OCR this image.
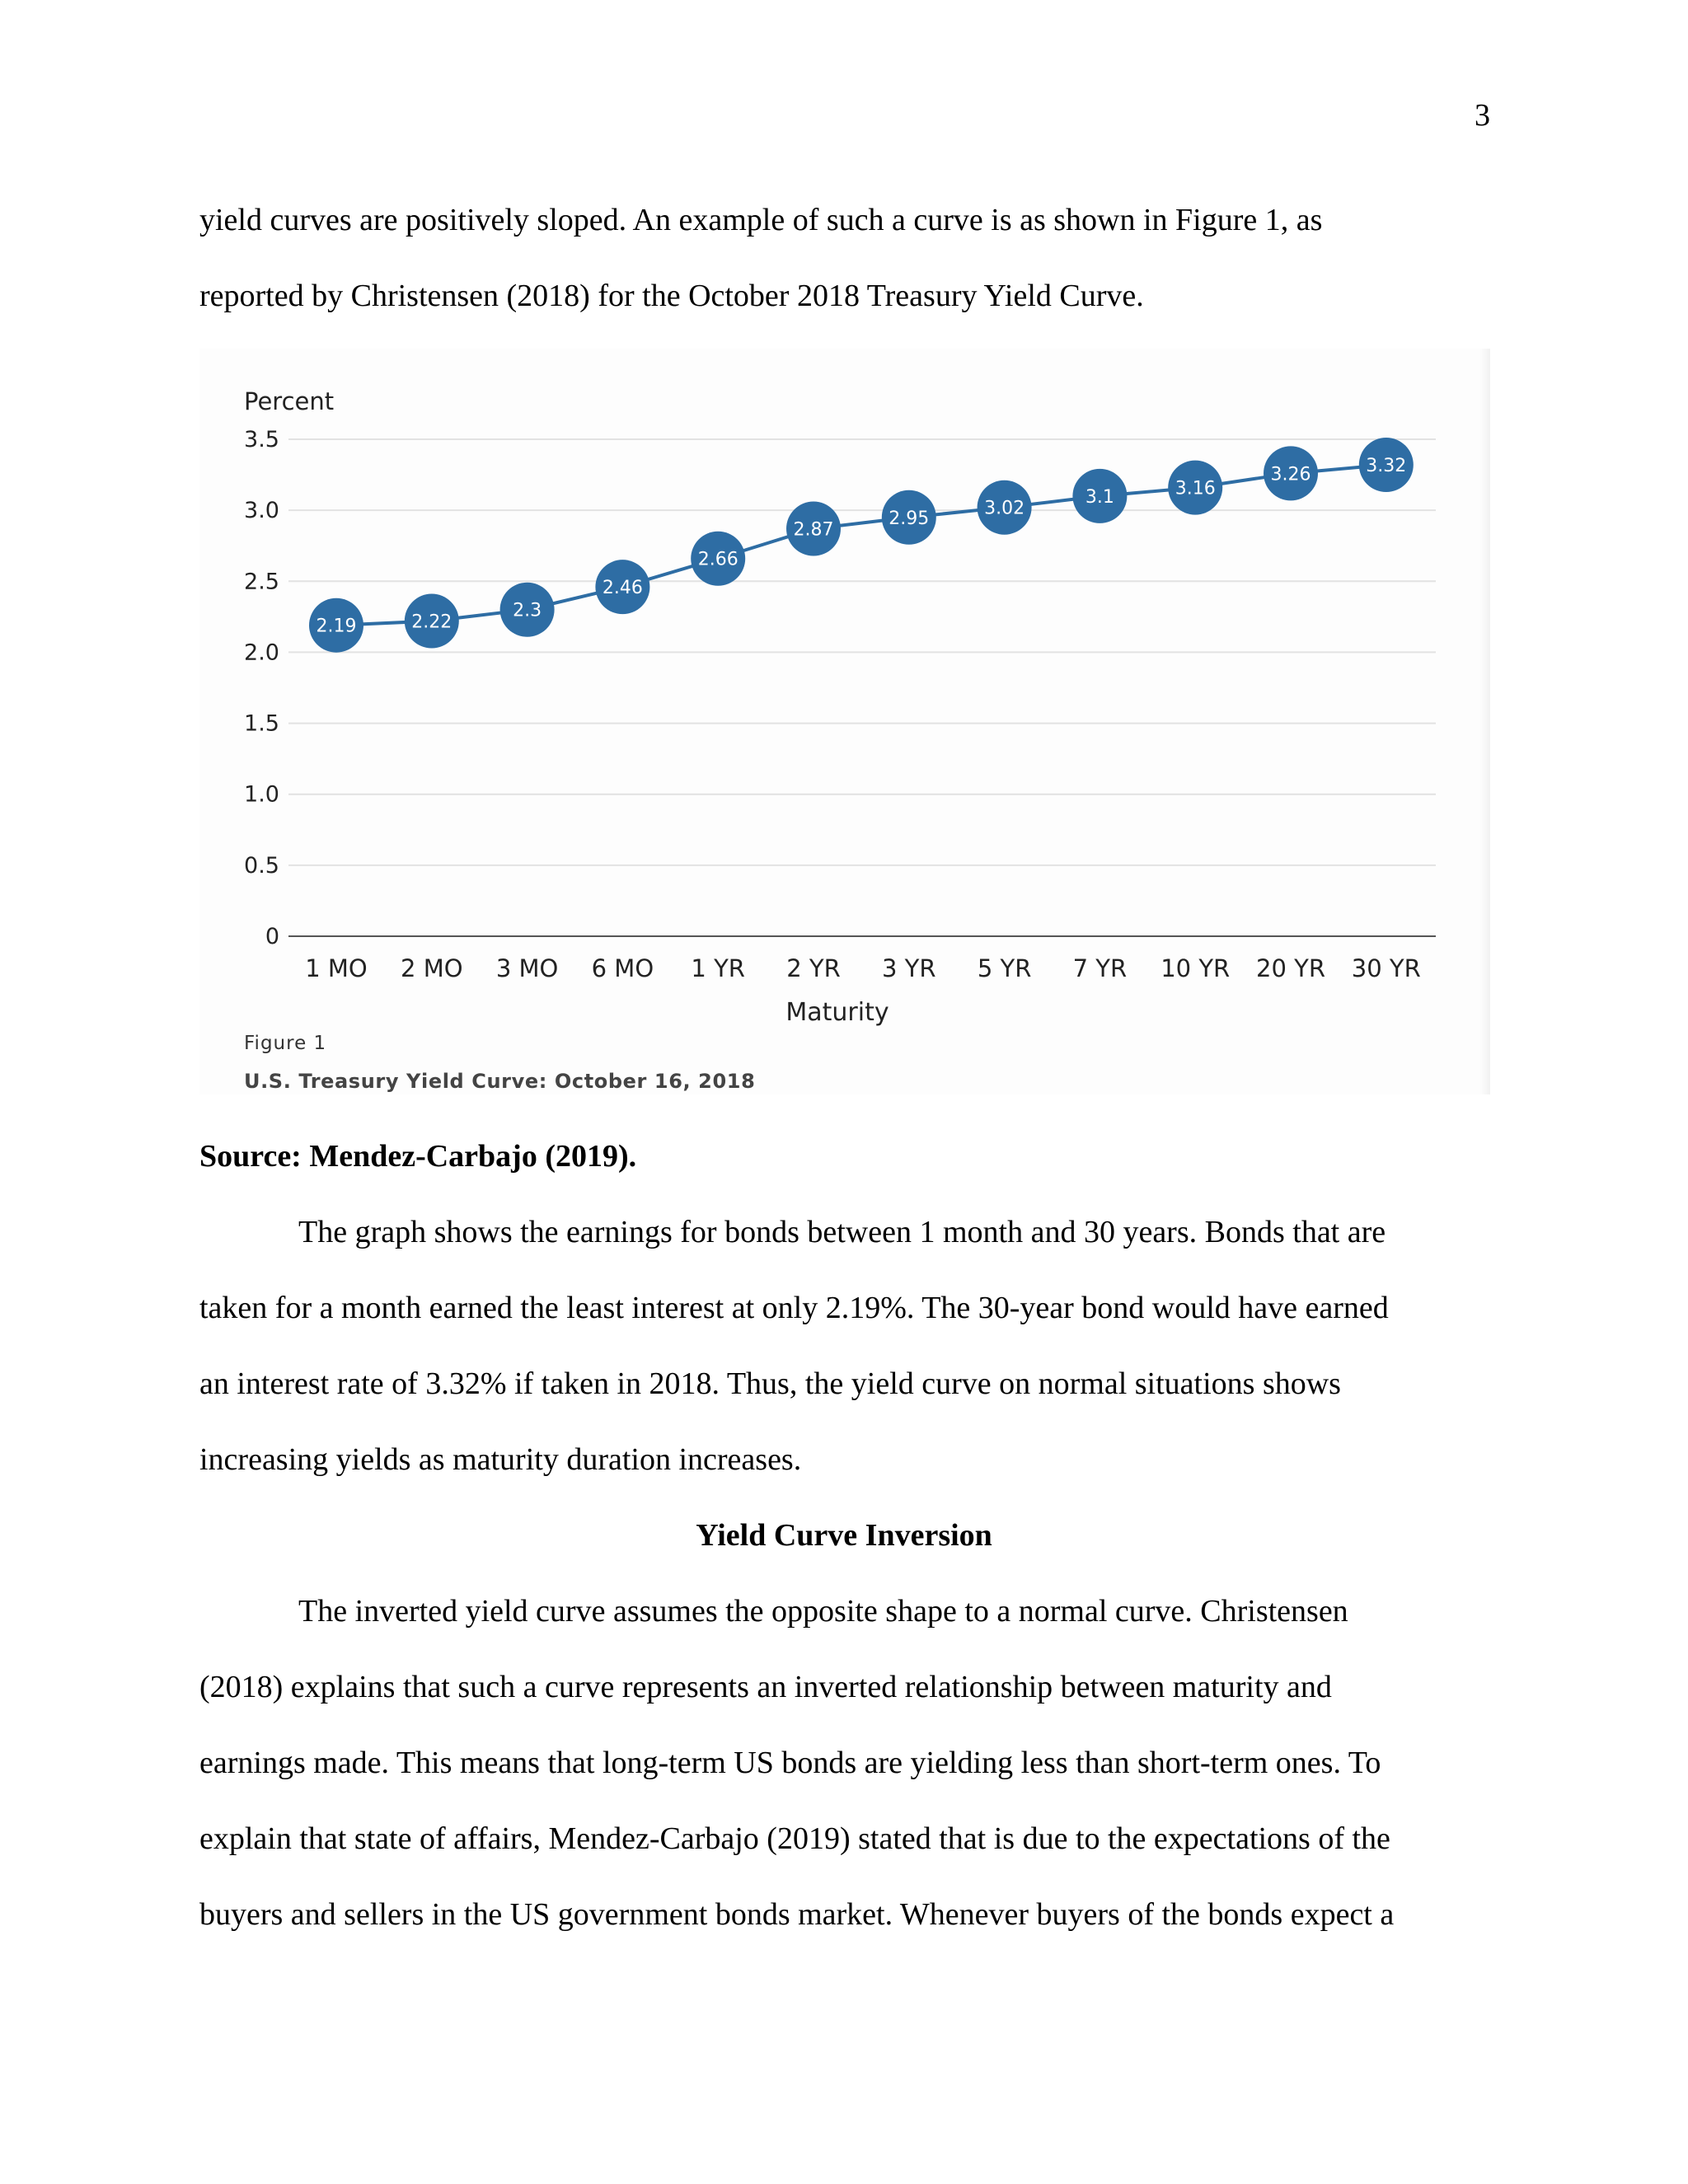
3
yield curves are positively sloped. An example of such a curve is as shown in Figure 1, as
reported by Christensen (2018) for the October 2018 Treasury Yield Curve.
0
0.5
1.0
1.5
2.0
2.5
3.0
3.5
Percent
1 MO 2 MO 3 MO 6 MO 1 YR 2 YR 3 YR 5 YR 7 YR 10 YR 20 YR 30 YR
Maturity
2.19	2.22
2.3
2.46
2.66
2.87
2.95	3.02
3.1	3.16
3.26	3.32
Figure 1
U.S. Treasury Yield Curve: October 16, 2018
Source: Mendez-Carbajo (2019).
The graph shows the earnings for bonds between 1 month and 30 years. Bonds that are
taken for a month earned the least interest at only 2.19%. The 30-year bond would have earned
an interest rate of 3.32% if taken in 2018. Thus, the yield curve on normal situations shows
increasing yields as maturity duration increases.
Yield Curve Inversion
The inverted yield curve assumes the opposite shape to a normal curve. Christensen
(2018) explains that such a curve represents an inverted relationship between maturity and
earnings made. This means that long-term US bonds are yielding less than short-term ones. To
explain that state of affairs, Mendez-Carbajo (2019) stated that is due to the expectations of the
buyers and sellers in the US government bonds market. Whenever buyers of the bonds expect a
